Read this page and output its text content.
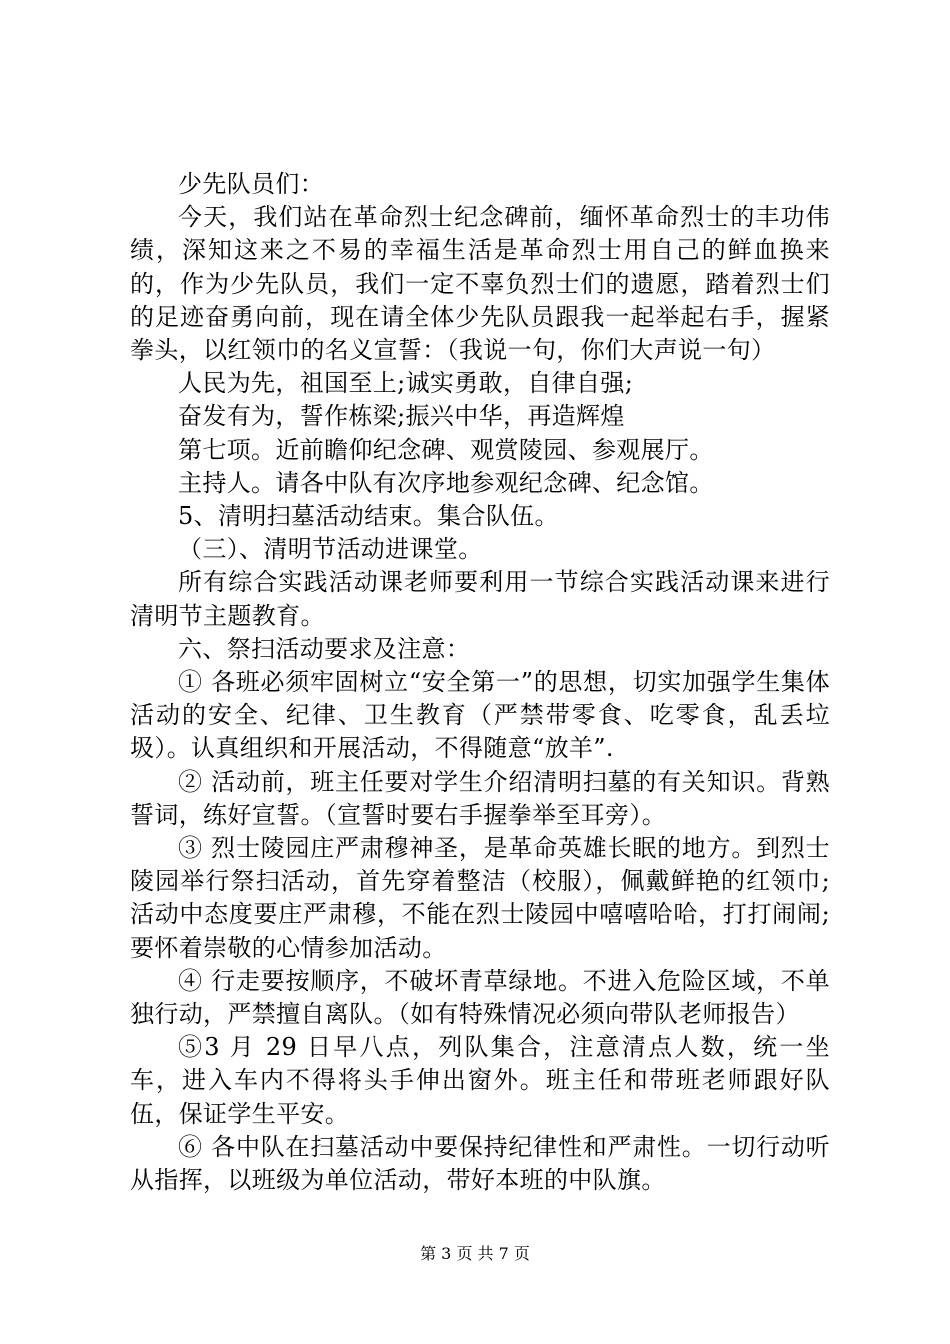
少先队员们：

今天，我们站在革命烈士纪念碑前，缅怀革命烈士的丰功伟绩，深知这来之不易的幸福生活是革命烈士用自己的鲜血换来的，作为少先队员，我们一定不辜负烈士们的遗愿，踏着烈士们的足迹奋勇向前，现在请全体少先队员跟我一起举起右手，握紧拳头，以红领巾的名义宣誓：（我说一句，你们大声说一句）

人民为先，祖国至上;诚实勇敢，自律自强;

奋发有为，誓作栋梁;振兴中华，再造辉煌

第七项。近前瞻仰纪念碑、观赏陵园、参观展厅。

主持人。请各中队有次序地参观纪念碑、纪念馆。

5、清明扫墓活动结束。集合队伍。

（三）、清明节活动进课堂。

所有综合实践活动课老师要利用一节综合实践活动课来进行清明节主题教育。

六、祭扫活动要求及注意：

① 各班必须牢固树立“安全第一”的思想，切实加强学生集体活动的安全、纪律、卫生教育（严禁带零食、吃零食，乱丢垃圾）。认真组织和开展活动，不得随意“放羊”.

② 活动前，班主任要对学生介绍清明扫墓的有关知识。背熟誓词，练好宣誓。（宣誓时要右手握拳举至耳旁）。

③ 烈士陵园庄严肃穆神圣，是革命英雄长眠的地方。到烈士陵园举行祭扫活动，首先穿着整洁（校服），佩戴鲜艳的红领巾;活动中态度要庄严肃穆，不能在烈士陵园中嘻嘻哈哈，打打闹闹;要怀着崇敬的心情参加活动。

④ 行走要按顺序，不破坏青草绿地。不进入危险区域，不单独行动，严禁擅自离队。（如有特殊情况必须向带队老师报告）

⑤3 月 29 日早八点，列队集合，注意清点人数，统一坐车，进入车内不得将头手伸出窗外。班主任和带班老师跟好队伍，保证学生平安。

⑥ 各中队在扫墓活动中要保持纪律性和严肃性。一切行动听从指挥，以班级为单位活动，带好本班的中队旗。

第 3 页 共 7 页
